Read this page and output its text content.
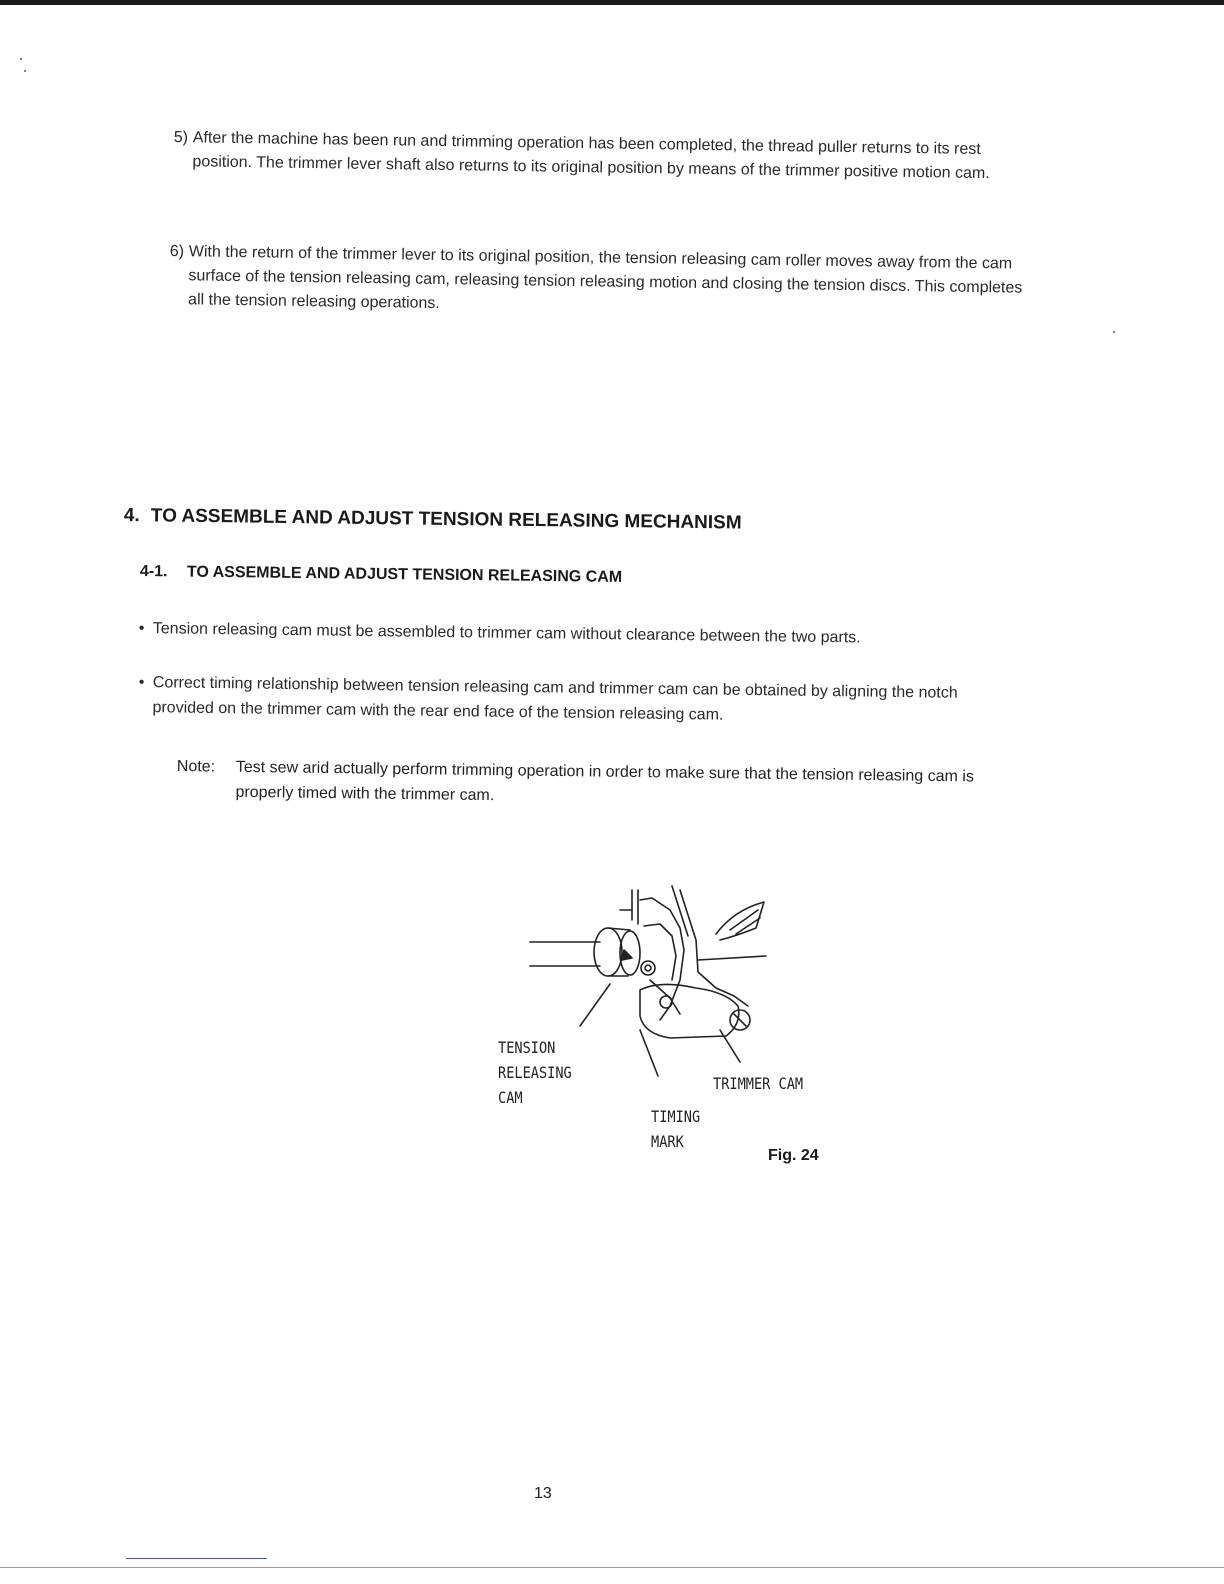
5) After the machine has been run and trimming operation has been completed, the thread puller returns to its rest position. The trimmer lever shaft also returns to its original position by means of the trimmer positive motion cam.
6) With the return of the trimmer lever to its original position, the tension releasing cam roller moves away from the cam surface of the tension releasing cam, releasing tension releasing motion and closing the tension discs. This completes all the tension releasing operations.
4. TO ASSEMBLE AND ADJUST TENSION RELEASING MECHANISM
4-1. TO ASSEMBLE AND ADJUST TENSION RELEASING CAM
• Tension releasing cam must be assembled to trimmer cam without clearance between the two parts.
• Correct timing relationship between tension releasing cam and trimmer cam can be obtained by aligning the notch provided on the trimmer cam with the rear end face of the tension releasing cam.
Note: Test sew arid actually perform trimming operation in order to make sure that the tension releasing cam is properly timed with the trimmer cam.
TENSION
RELEASING
CAM
TRIMMER CAM
TIMING
MARK
Fig. 24
13
